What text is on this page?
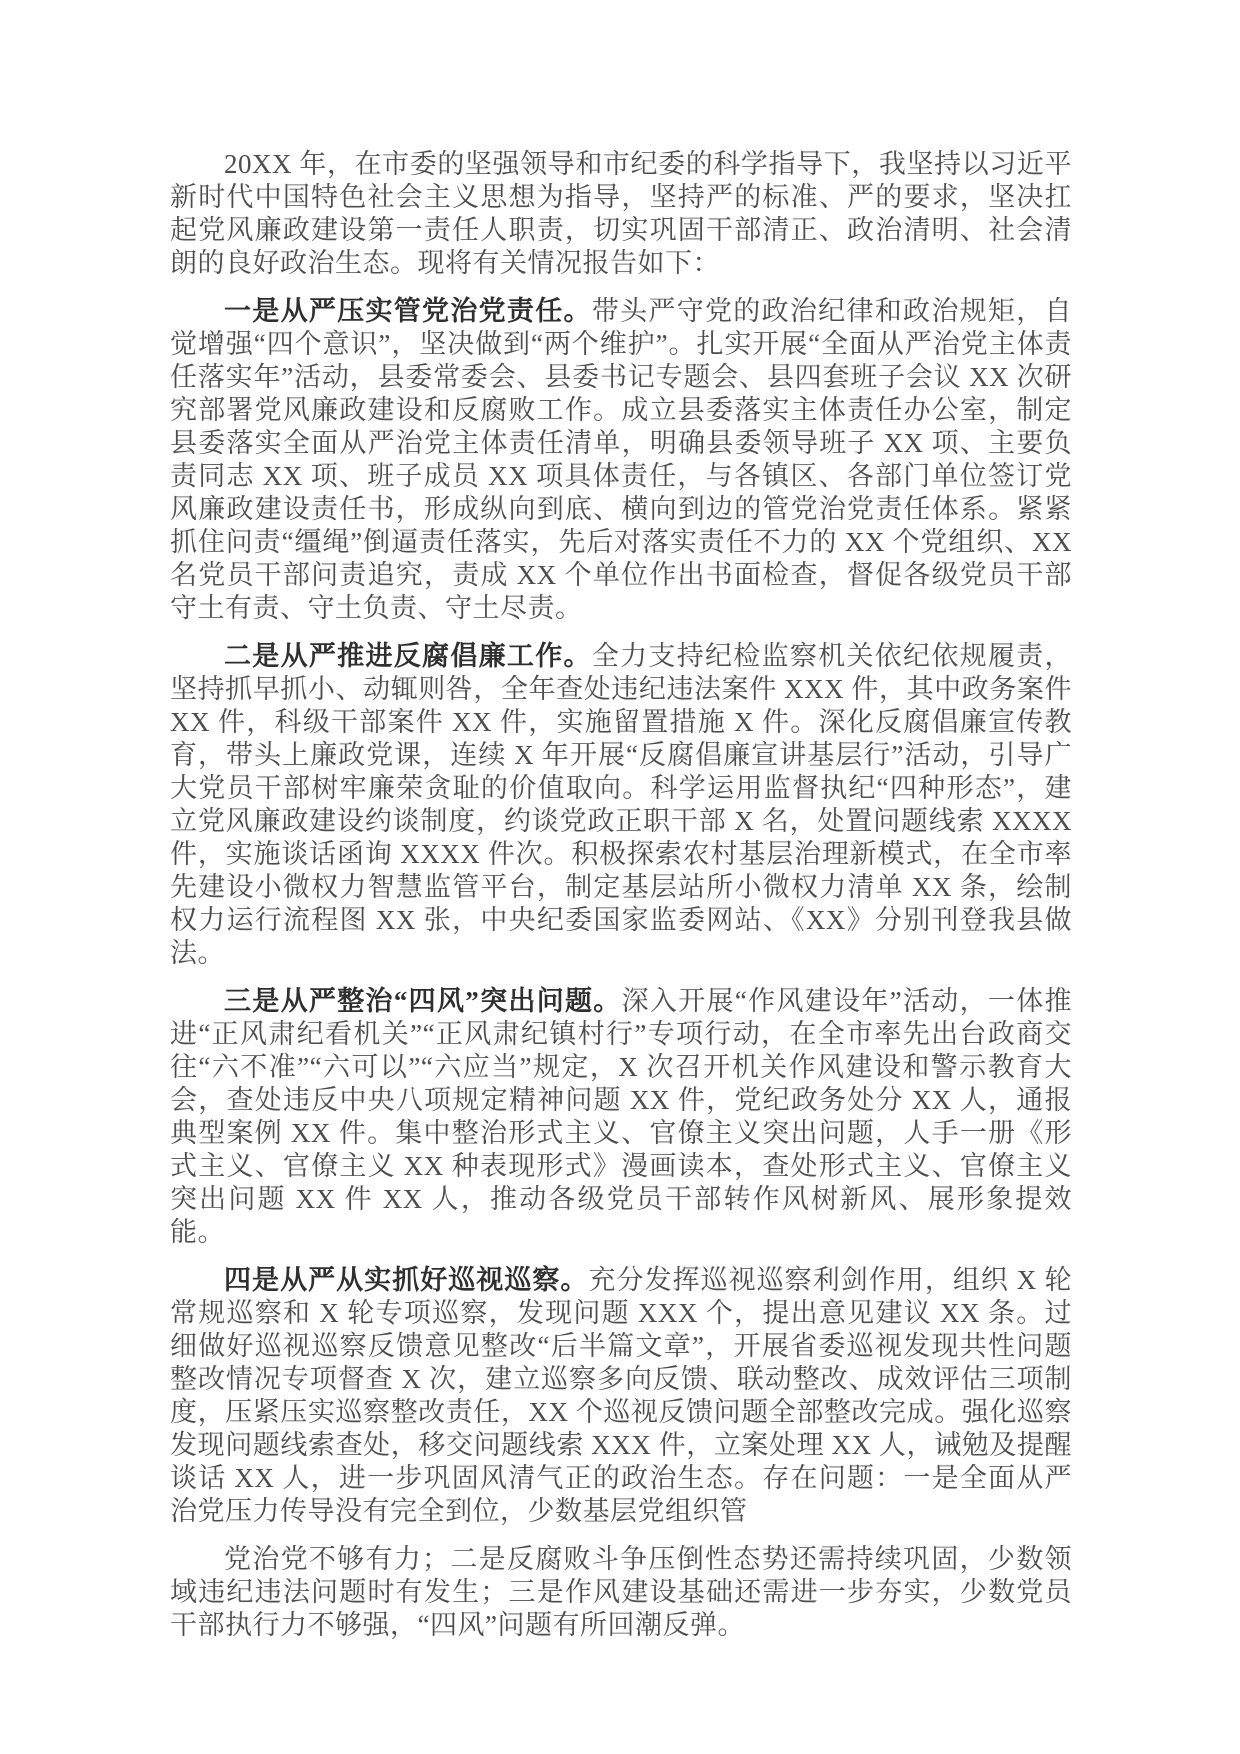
20XX 年，在市委的坚强领导和市纪委的科学指导下，我坚持以习近平新时代中国特色社会主义思想为指导，坚持严的标准、严的要求，坚决扛起党风廉政建设第一责任人职责，切实巩固干部清正、政治清明、社会清朗的良好政治生态。现将有关情况报告如下：

一是从严压实管党治党责任。带头严守党的政治纪律和政治规矩，自觉增强“四个意识”，坚决做到“两个维护”。扎实开展“全面从严治党主体责任落实年”活动，县委常委会、县委书记专题会、县四套班子会议 XX 次研究部署党风廉政建设和反腐败工作。成立县委落实主体责任办公室，制定县委落实全面从严治党主体责任清单，明确县委领导班子 XX 项、主要负责同志 XX 项、班子成员 XX 项具体责任，与各镇区、各部门单位签订党风廉政建设责任书，形成纵向到底、横向到边的管党治党责任体系。紧紧抓住问责“缰绳”倒逼责任落实，先后对落实责任不力的 XX 个党组织、XX 名党员干部问责追究，责成 XX 个单位作出书面检查，督促各级党员干部守土有责、守土负责、守土尽责。

二是从严推进反腐倡廉工作。全力支持纪检监察机关依纪依规履责，坚持抓早抓小、动辄则咎，全年查处违纪违法案件 XXX 件，其中政务案件 XX 件，科级干部案件 XX 件，实施留置措施 X 件。深化反腐倡廉宣传教育，带头上廉政党课，连续 X 年开展“反腐倡廉宣讲基层行”活动，引导广大党员干部树牢廉荣贪耻的价值取向。科学运用监督执纪“四种形态”，建立党风廉政建设约谈制度，约谈党政正职干部 X 名，处置问题线索 XXXX 件，实施谈话函询 XXXX 件次。积极探索农村基层治理新模式，在全市率先建设小微权力智慧监管平台，制定基层站所小微权力清单 XX 条，绘制权力运行流程图 XX 张，中央纪委国家监委网站、《XX》分别刊登我县做法。

三是从严整治“四风”突出问题。深入开展“作风建设年”活动，一体推进“正风肃纪看机关”“正风肃纪镇村行”专项行动，在全市率先出台政商交往“六不准”“六可以”“六应当”规定，X 次召开机关作风建设和警示教育大会，查处违反中央八项规定精神问题 XX 件，党纪政务处分 XX 人，通报典型案例 XX 件。集中整治形式主义、官僚主义突出问题，人手一册《形式主义、官僚主义 XX 种表现形式》漫画读本，查处形式主义、官僚主义突出问题 XX 件 XX 人，推动各级党员干部转作风树新风、展形象提效能。

四是从严从实抓好巡视巡察。充分发挥巡视巡察利剑作用，组织 X 轮常规巡察和 X 轮专项巡察，发现问题 XXX 个，提出意见建议 XX 条。过细做好巡视巡察反馈意见整改“后半篇文章”，开展省委巡视发现共性问题整改情况专项督查 X 次，建立巡察多向反馈、联动整改、成效评估三项制度，压紧压实巡察整改责任，XX 个巡视反馈问题全部整改完成。强化巡察发现问题线索查处，移交问题线索 XXX 件，立案处理 XX 人，诫勉及提醒谈话 XX 人，进一步巩固风清气正的政治生态。存在问题：一是全面从严治党压力传导没有完全到位，少数基层党组织管

党治党不够有力；二是反腐败斗争压倒性态势还需持续巩固，少数领域违纪违法问题时有发生；三是作风建设基础还需进一步夯实，少数党员干部执行力不够强，“四风”问题有所回潮反弹。
